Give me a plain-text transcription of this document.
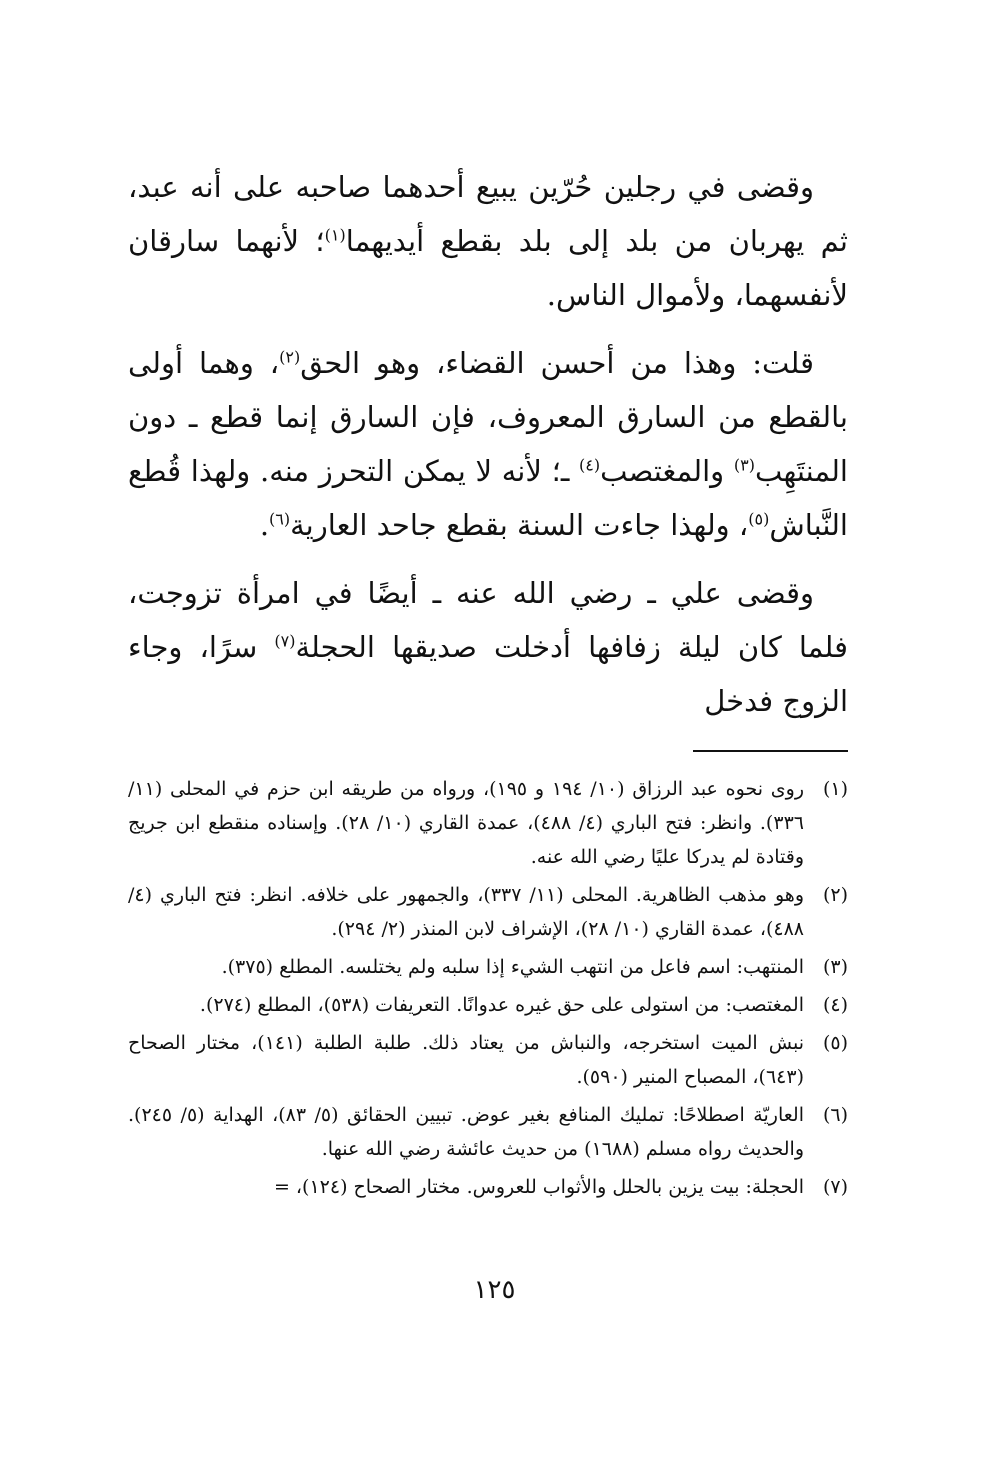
وقضى في رجلين حُرّين يبيع أحدهما صاحبه على أنه عبد، ثم يهربان من بلد إلى بلد بقطع أيديهما$^{(١)}$؛ لأنهما سارقان لأنفسهما، ولأموال الناس.

قلت: وهذا من أحسن القضاء، وهو الحق$^{(٢)}$، وهما أولى بالقطع من السارق المعروف، فإن السارق إنما قطع ـ دون المنتَهِب$^{(٣)}$ والمغتصب$^{(٤)}$ ـ؛ لأنه لا يمكن التحرز منه. ولهذا قُطع النَّباش$^{(٥)}$، ولهذا جاءت السنة بقطع جاحد العارية$^{(٦)}$.

وقضى علي ـ رضي الله عنه ـ أيضًا في امرأة تزوجت، فلما كان ليلة زفافها أدخلت صديقها الحجلة$^{(٧)}$ سرًا، وجاء الزوج فدخل

(١)
روى نحوه عبد الرزاق (١٠/ ١٩٤ و ١٩٥)، ورواه من طريقه ابن حزم في المحلى (١١/ ٣٣٦). وانظر: فتح الباري (٤/ ٤٨٨)، عمدة القاري (١٠/ ٢٨). وإسناده منقطع ابن جريج وقتادة لم يدركا عليًا رضي الله عنه.
(٢)
وهو مذهب الظاهرية. المحلى (١١/ ٣٣٧)، والجمهور على خلافه. انظر: فتح الباري (٤/ ٤٨٨)، عمدة القاري (١٠/ ٢٨)، الإشراف لابن المنذر (٢/ ٢٩٤).
(٣)
المنتهب: اسم فاعل من انتهب الشيء إذا سلبه ولم يختلسه. المطلع (٣٧٥).
(٤)
المغتصب: من استولى على حق غيره عدوانًا. التعريفات (٥٣٨)، المطلع (٢٧٤).
(٥)
نبش الميت استخرجه، والنباش من يعتاد ذلك. طلبة الطلبة (١٤١)، مختار الصحاح (٦٤٣)، المصباح المنير (٥٩٠).
(٦)
العاريّة اصطلاحًا: تمليك المنافع بغير عوض. تبيين الحقائق (٥/ ٨٣)، الهداية (٥/ ٢٤٥). والحديث رواه مسلم (١٦٨٨) من حديث عائشة رضي الله عنها.
(٧)
الحجلة: بيت يزين بالحلل والأثواب للعروس. مختار الصحاح (١٢٤)، =
١٢٥
